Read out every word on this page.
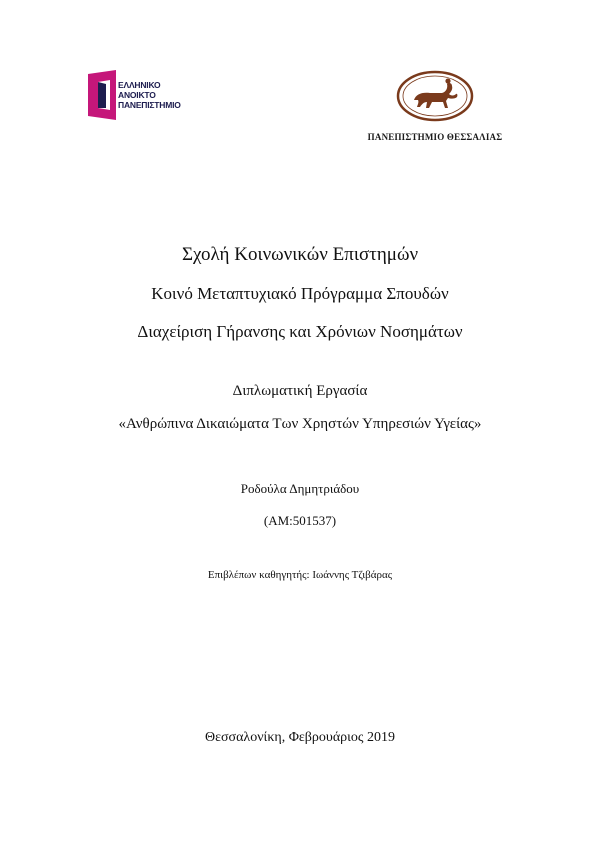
ΕΛΛΗΝΙΚΟ
ΑΝΟΙΚΤΟ
ΠΑΝΕΠΙΣΤΗΜΙΟ
ΠΑΝΕΠΙΣΤΗΜΙΟ ΘΕΣΣΑΛΙΑΣ
Σχολή Κοινωνικών Επιστημών
Κοινό Μεταπτυχιακό Πρόγραμμα Σπουδών
Διαχείριση Γήρανσης και Χρόνιων Νοσημάτων
Διπλωματική Εργασία
«Ανθρώπινα Δικαιώματα Των Χρηστών Υπηρεσιών Υγείας»
Ροδούλα Δημητριάδου
(ΑΜ:501537)
Επιβλέπων καθηγητής: Ιωάννης Τζιβάρας
Θεσσαλονίκη, Φεβρουάριος 2019
